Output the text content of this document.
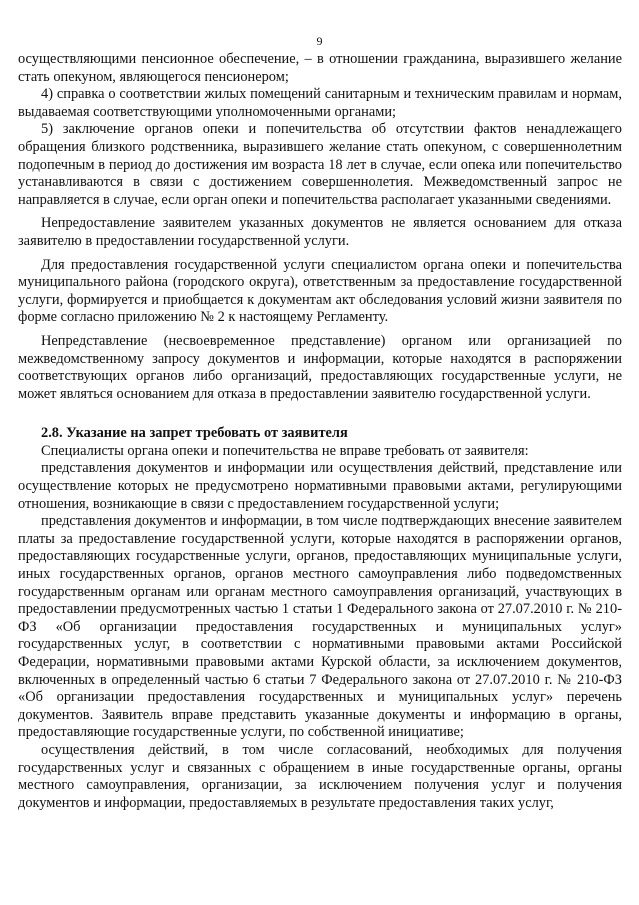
9

осуществляющими пенсионное обеспечение, – в отношении гражданина, выразившего желание стать опекуном, являющегося пенсионером;

4) справка о соответствии жилых помещений санитарным и техническим правилам и нормам, выдаваемая соответствующими уполномоченными органами;

5) заключение органов опеки и попечительства об отсутствии фактов ненадлежащего обращения близкого родственника, выразившего желание стать опекуном, с совершеннолетним подопечным в период до достижения им возраста 18 лет в случае, если опека или попечительство устанавливаются в связи с достижением совершеннолетия. Межведомственный запрос не направляется в случае, если орган опеки и попечительства располагает указанными сведениями.

Непредоставление заявителем указанных документов не является основанием для отказа заявителю в предоставлении государственной услуги.

Для предоставления государственной услуги специалистом органа опеки и попечительства муниципального района (городского округа), ответственным за предоставление государственной услуги, формируется и приобщается к документам акт обследования условий жизни заявителя по форме согласно приложению № 2 к настоящему Регламенту.

Непредставление (несвоевременное представление) органом или организацией по межведомственному запросу документов и информации, которые находятся в распоряжении соответствующих органов либо организаций, предоставляющих государственные услуги, не может являться основанием для отказа в предоставлении заявителю государственной услуги.

2.8. Указание на запрет требовать от заявителя

Специалисты органа опеки и попечительства не вправе требовать от заявителя:

представления документов и информации или осуществления действий, представление или осуществление которых не предусмотрено нормативными правовыми актами, регулирующими отношения, возникающие в связи с предоставлением государственной услуги;

представления документов и информации, в том числе подтверждающих внесение заявителем платы за предоставление государственной услуги, которые находятся в распоряжении органов, предоставляющих государственные услуги, органов, предоставляющих муниципальные услуги, иных государственных органов, органов местного самоуправления либо подведомственных государственным органам или органам местного самоуправления организаций, участвующих в предоставлении предусмотренных частью 1 статьи 1 Федерального закона от 27.07.2010 г. № 210-ФЗ «Об организации предоставления государственных и муниципальных услуг» государственных услуг, в соответствии с нормативными правовыми актами Российской Федерации, нормативными правовыми актами Курской области, за исключением документов, включенных в определенный частью 6 статьи 7 Федерального закона от 27.07.2010 г. № 210-ФЗ «Об организации предоставления государственных и муниципальных услуг» перечень документов. Заявитель вправе представить указанные документы и информацию в органы, предоставляющие государственные услуги, по собственной инициативе;

осуществления действий, в том числе согласований, необходимых для получения государственных услуг и связанных с обращением в иные государственные органы, органы местного самоуправления, организации, за исключением получения услуг и получения документов и информации, предоставляемых в результате предоставления таких услуг,
